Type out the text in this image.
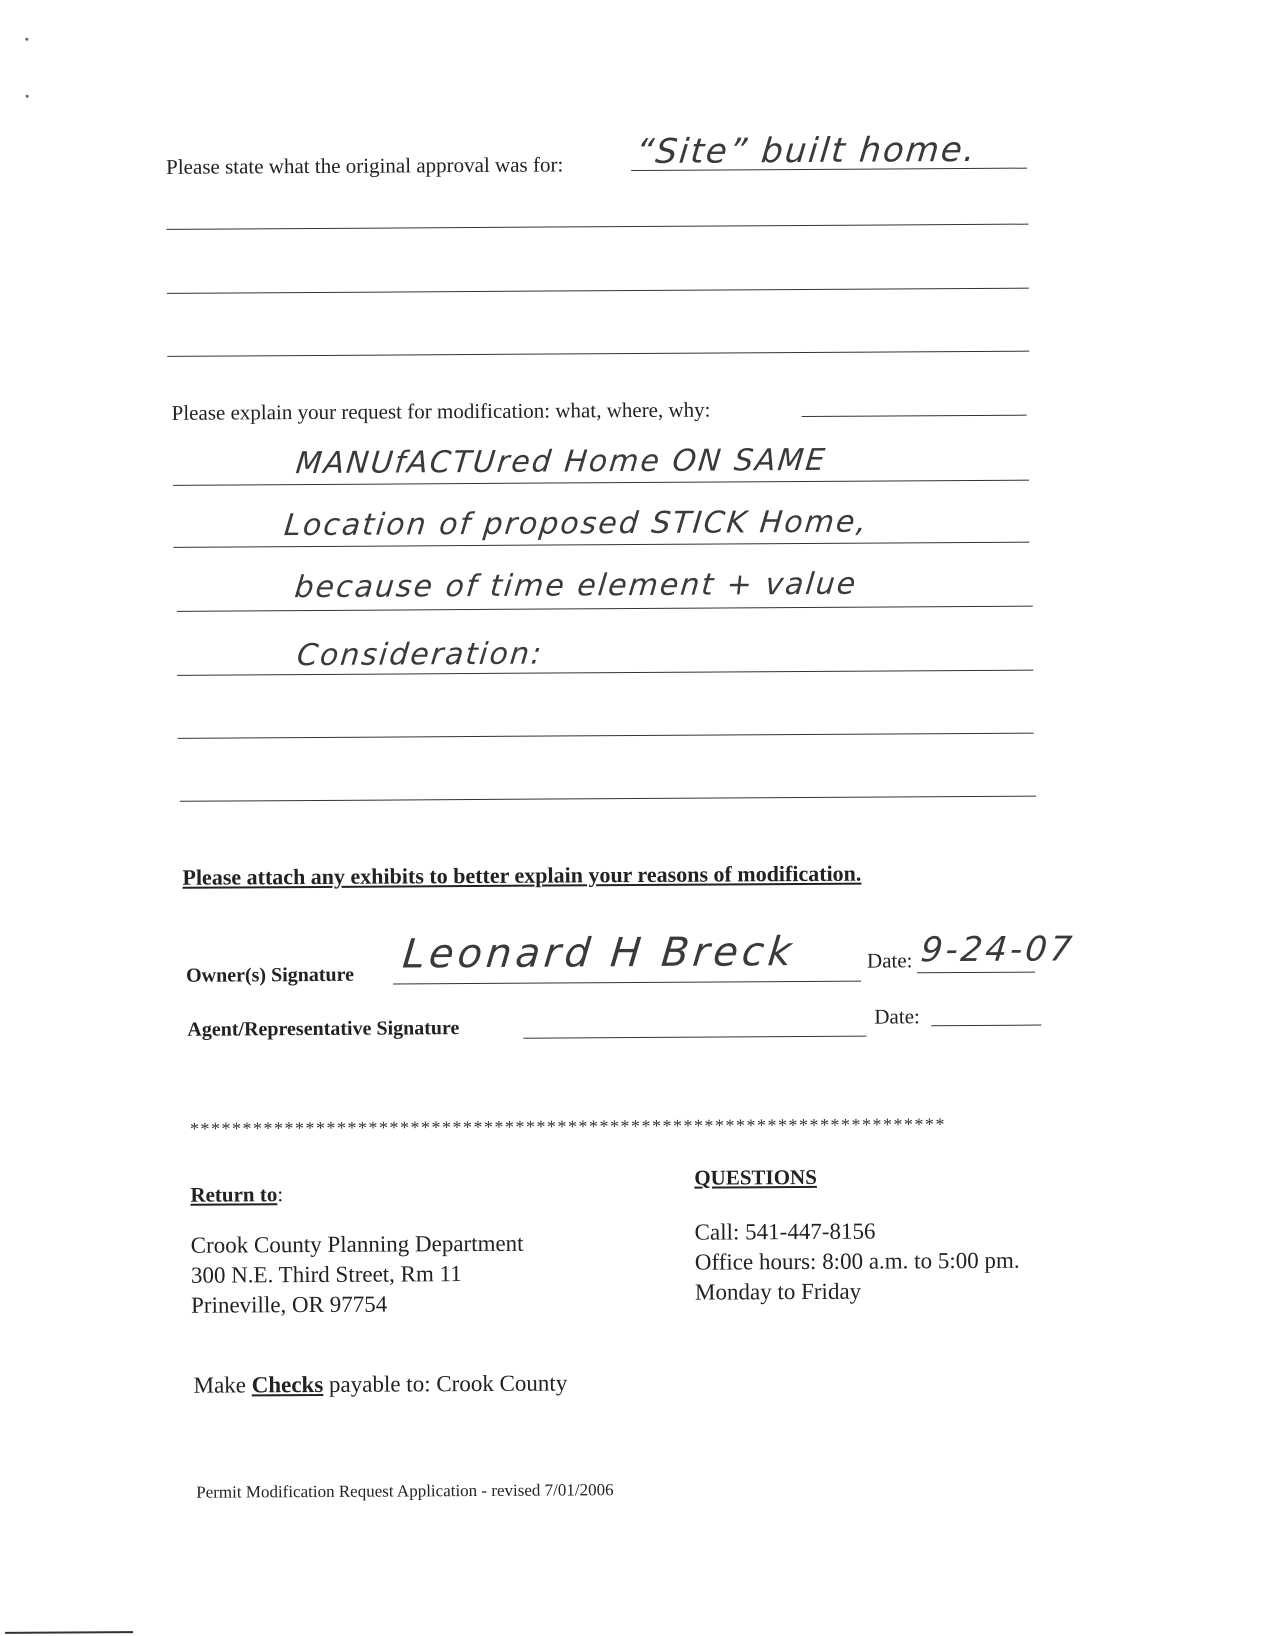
Please state what the original approval was for: “Site” built home.
Please explain your request for modification: what, where, why:
MANUfACTUred Home ON SAME
Location of proposed STICK Home,
because of time element + value
Consideration:
Please attach any exhibits to better explain your reasons of modification.
Owner(s) Signature Leonard H Breck	Date: 9-24-07
Agent/Representative Signature
Date:
************************************************************************
Return to:
Crook County Planning Department
300 N.E. Third Street, Rm 11
Prineville, OR 97754
QUESTIONS
Call: 541-447-8156
Office hours: 8:00 a.m. to 5:00 pm.
Monday to Friday
Make Checks payable to: Crook County
Permit Modification Request Application - revised 7/01/2006
